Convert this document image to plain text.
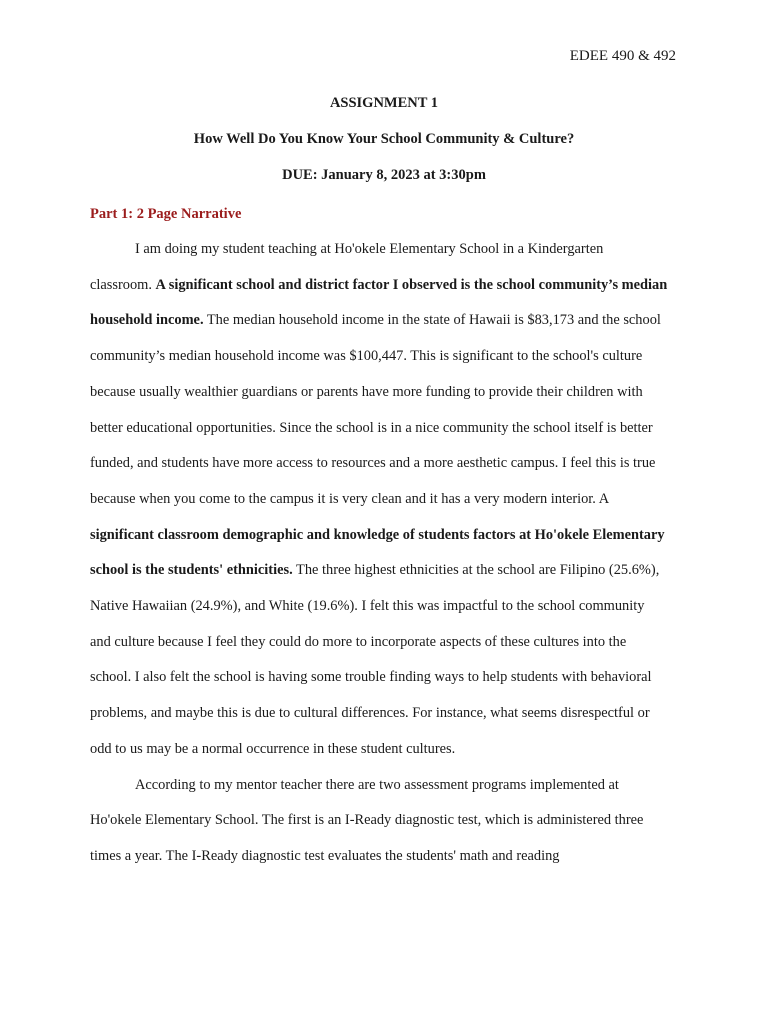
EDEE 490 & 492
ASSIGNMENT 1
How Well Do You Know Your School Community & Culture?
DUE: January 8, 2023 at 3:30pm
Part 1: 2 Page Narrative

I am doing my student teaching at Ho'okele Elementary School in a Kindergarten classroom. A significant school and district factor I observed is the school community’s median household income. The median household income in the state of Hawaii is $83,173 and the school community’s median household income was $100,447. This is significant to the school's culture because usually wealthier guardians or parents have more funding to provide their children with better educational opportunities. Since the school is in a nice community the school itself is better funded, and students have more access to resources and a more aesthetic campus. I feel this is true because when you come to the campus it is very clean and it has a very modern interior. A significant classroom demographic and knowledge of students factors at Ho'okele Elementary school is the students' ethnicities. The three highest ethnicities at the school are Filipino (25.6%), Native Hawaiian (24.9%), and White (19.6%). I felt this was impactful to the school community and culture because I feel they could do more to incorporate aspects of these cultures into the school. I also felt the school is having some trouble finding ways to help students with behavioral problems, and maybe this is due to cultural differences. For instance, what seems disrespectful or odd to us may be a normal occurrence in these student cultures.

According to my mentor teacher there are two assessment programs implemented at Ho'okele Elementary School. The first is an I-Ready diagnostic test, which is administered three times a year. The I-Ready diagnostic test evaluates the students' math and reading
